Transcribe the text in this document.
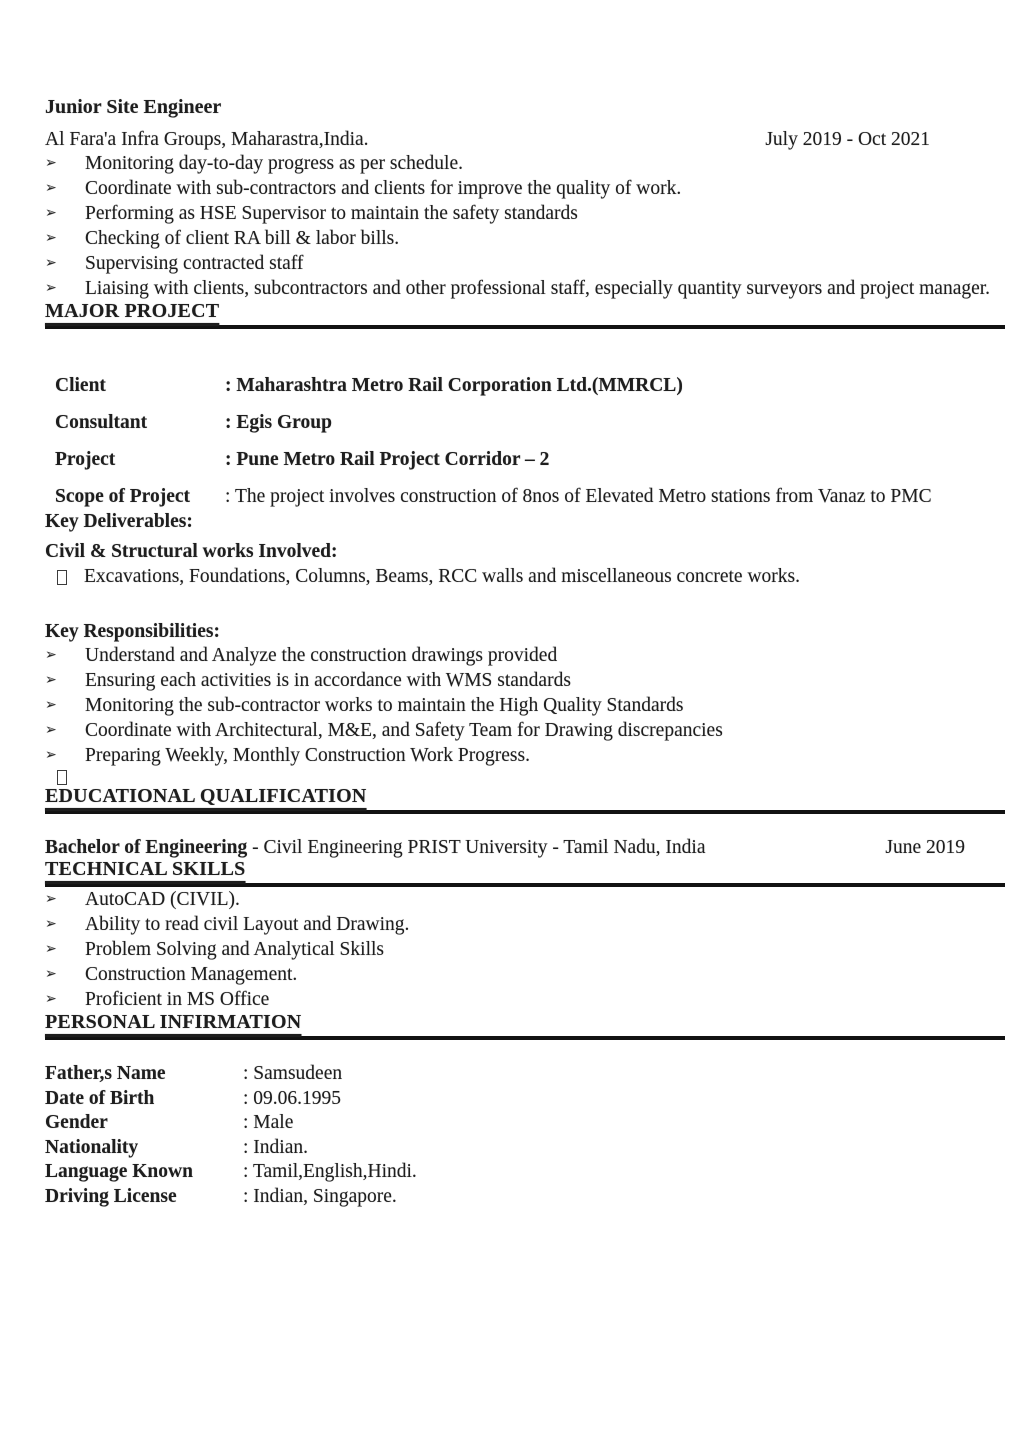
Junior Site Engineer
Al Fara'a Infra Groups, Maharastra,India.	July 2019 - Oct 2021
➢	Monitoring day-to-day progress as per schedule.
➢	Coordinate with sub-contractors and clients for improve the quality of work.
➢	Performing as HSE Supervisor to maintain the safety standards
➢	Checking of client RA bill & labor bills.
➢	Supervising contracted staff
➢	Liaising with clients, subcontractors and other professional staff, especially quantity surveyors and project manager.
MAJOR PROJECT
Client	: Maharashtra Metro Rail Corporation Ltd.(MMRCL)
Consultant	: Egis Group
Project	: Pune Metro Rail Project Corridor – 2
Scope of Project	: The project involves construction of 8nos of Elevated Metro stations from Vanaz to PMC
Key Deliverables:
Civil & Structural works Involved:
Excavations, Foundations, Columns, Beams, RCC walls and miscellaneous concrete works.
Key Responsibilities:
➢	Understand and Analyze the construction drawings provided
➢	Ensuring each activities is in accordance with WMS standards
➢	Monitoring the sub-contractor works to maintain the High Quality Standards
➢	Coordinate with Architectural, M&E, and Safety Team for Drawing discrepancies
➢	Preparing Weekly, Monthly Construction Work Progress.
EDUCATIONAL QUALIFICATION
Bachelor of Engineering - Civil Engineering PRIST University - Tamil Nadu, India	June 2019
TECHNICAL SKILLS
➢	AutoCAD (CIVIL).
➢	Ability to read civil Layout and Drawing.
➢	Problem Solving and Analytical Skills
➢	Construction Management.
➢	Proficient in MS Office
PERSONAL INFIRMATION
Father,s Name	: Samsudeen
Date of Birth	: 09.06.1995
Gender	: Male
Nationality	: Indian.
Language Known	: Tamil,English,Hindi.
Driving License	: Indian, Singapore.
